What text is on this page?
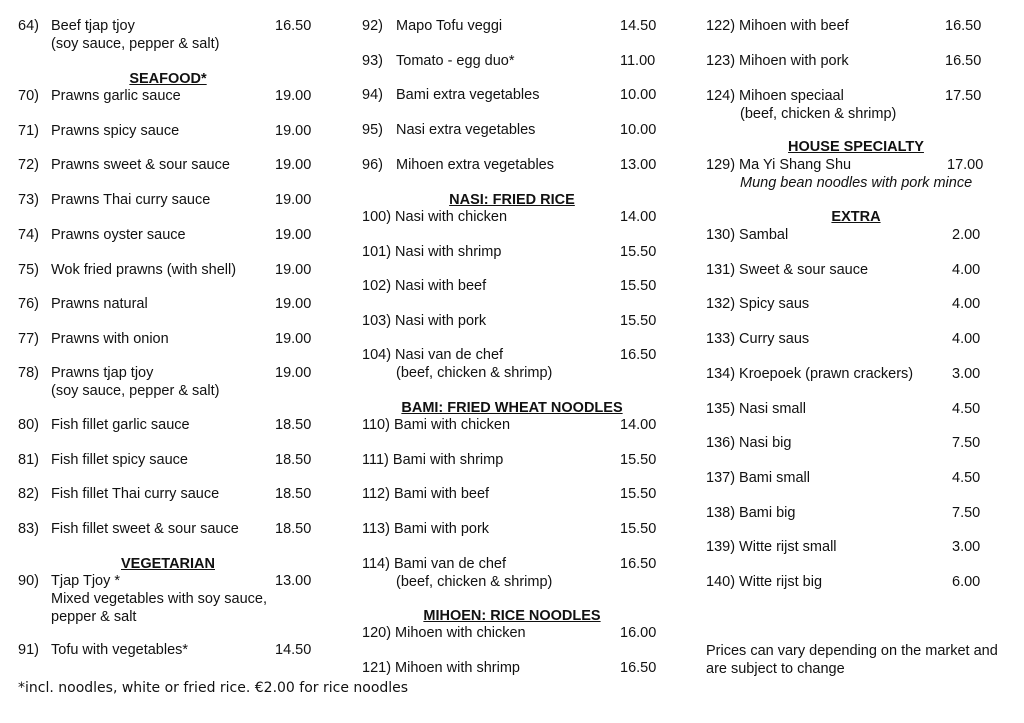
64) Beef tjap tjoy	16.50
(soy sauce, pepper & salt)
SEAFOOD*
70) Prawns garlic sauce	19.00
71) Prawns spicy sauce	19.00
72) Prawns sweet & sour sauce	19.00
73) Prawns Thai curry sauce	19.00
74) Prawns oyster sauce	19.00
75) Wok fried prawns (with shell)	19.00
76) Prawns natural	19.00
77) Prawns with onion	19.00
78) Prawns tjap tjoy	19.00
(soy sauce, pepper & salt)
80) Fish fillet garlic sauce	18.50
81) Fish fillet spicy sauce	18.50
82) Fish fillet Thai curry sauce	18.50
83) Fish fillet sweet & sour sauce 18.50
VEGETARIAN
90) Tjap Tjoy *	13.00
Mixed vegetables with soy sauce,
pepper & salt
91) Tofu with vegetables*	14.50
92) Mapo Tofu veggi	14.50
93) Tomato - egg duo*	11.00
94) Bami extra vegetables	10.00
95) Nasi extra vegetables	10.00
96) Mihoen extra vegetables	13.00
NASI: FRIED RICE
100) Nasi with chicken	14.00
101) Nasi with shrimp	15.50
102) Nasi with beef	15.50
103) Nasi with pork	15.50
104) Nasi van de chef	16.50
(beef, chicken & shrimp)
BAMI: FRIED WHEAT NOODLES
110) Bami with chicken	14.00
111) Bami with shrimp	15.50
112) Bami with beef	15.50
113) Bami with pork	15.50
114) Bami van de chef	16.50
(beef, chicken & shrimp)
MIHOEN: RICE NOODLES
120) Mihoen with chicken	16.00
121) Mihoen with shrimp	16.50
122) Mihoen with beef	16.50
123) Mihoen with pork	16.50
124) Mihoen speciaal	17.50
(beef, chicken & shrimp)
HOUSE SPECIALTY
129) Ma Yi Shang Shu	17.00
Mung bean noodles with pork mince
EXTRA
130) Sambal	2.00
131) Sweet & sour sauce	4.00
132) Spicy saus	4.00
133) Curry saus	4.00
134) Kroepoek (prawn crackers)	3.00
135) Nasi small	4.50
136) Nasi big	7.50
137) Bami small	4.50
138) Bami big	7.50
139) Witte rijst small	3.00
140) Witte rijst big	6.00
Prices can vary depending on the market and are subject to change
*incl. noodles, white or fried rice. €2.00 for rice noodles
